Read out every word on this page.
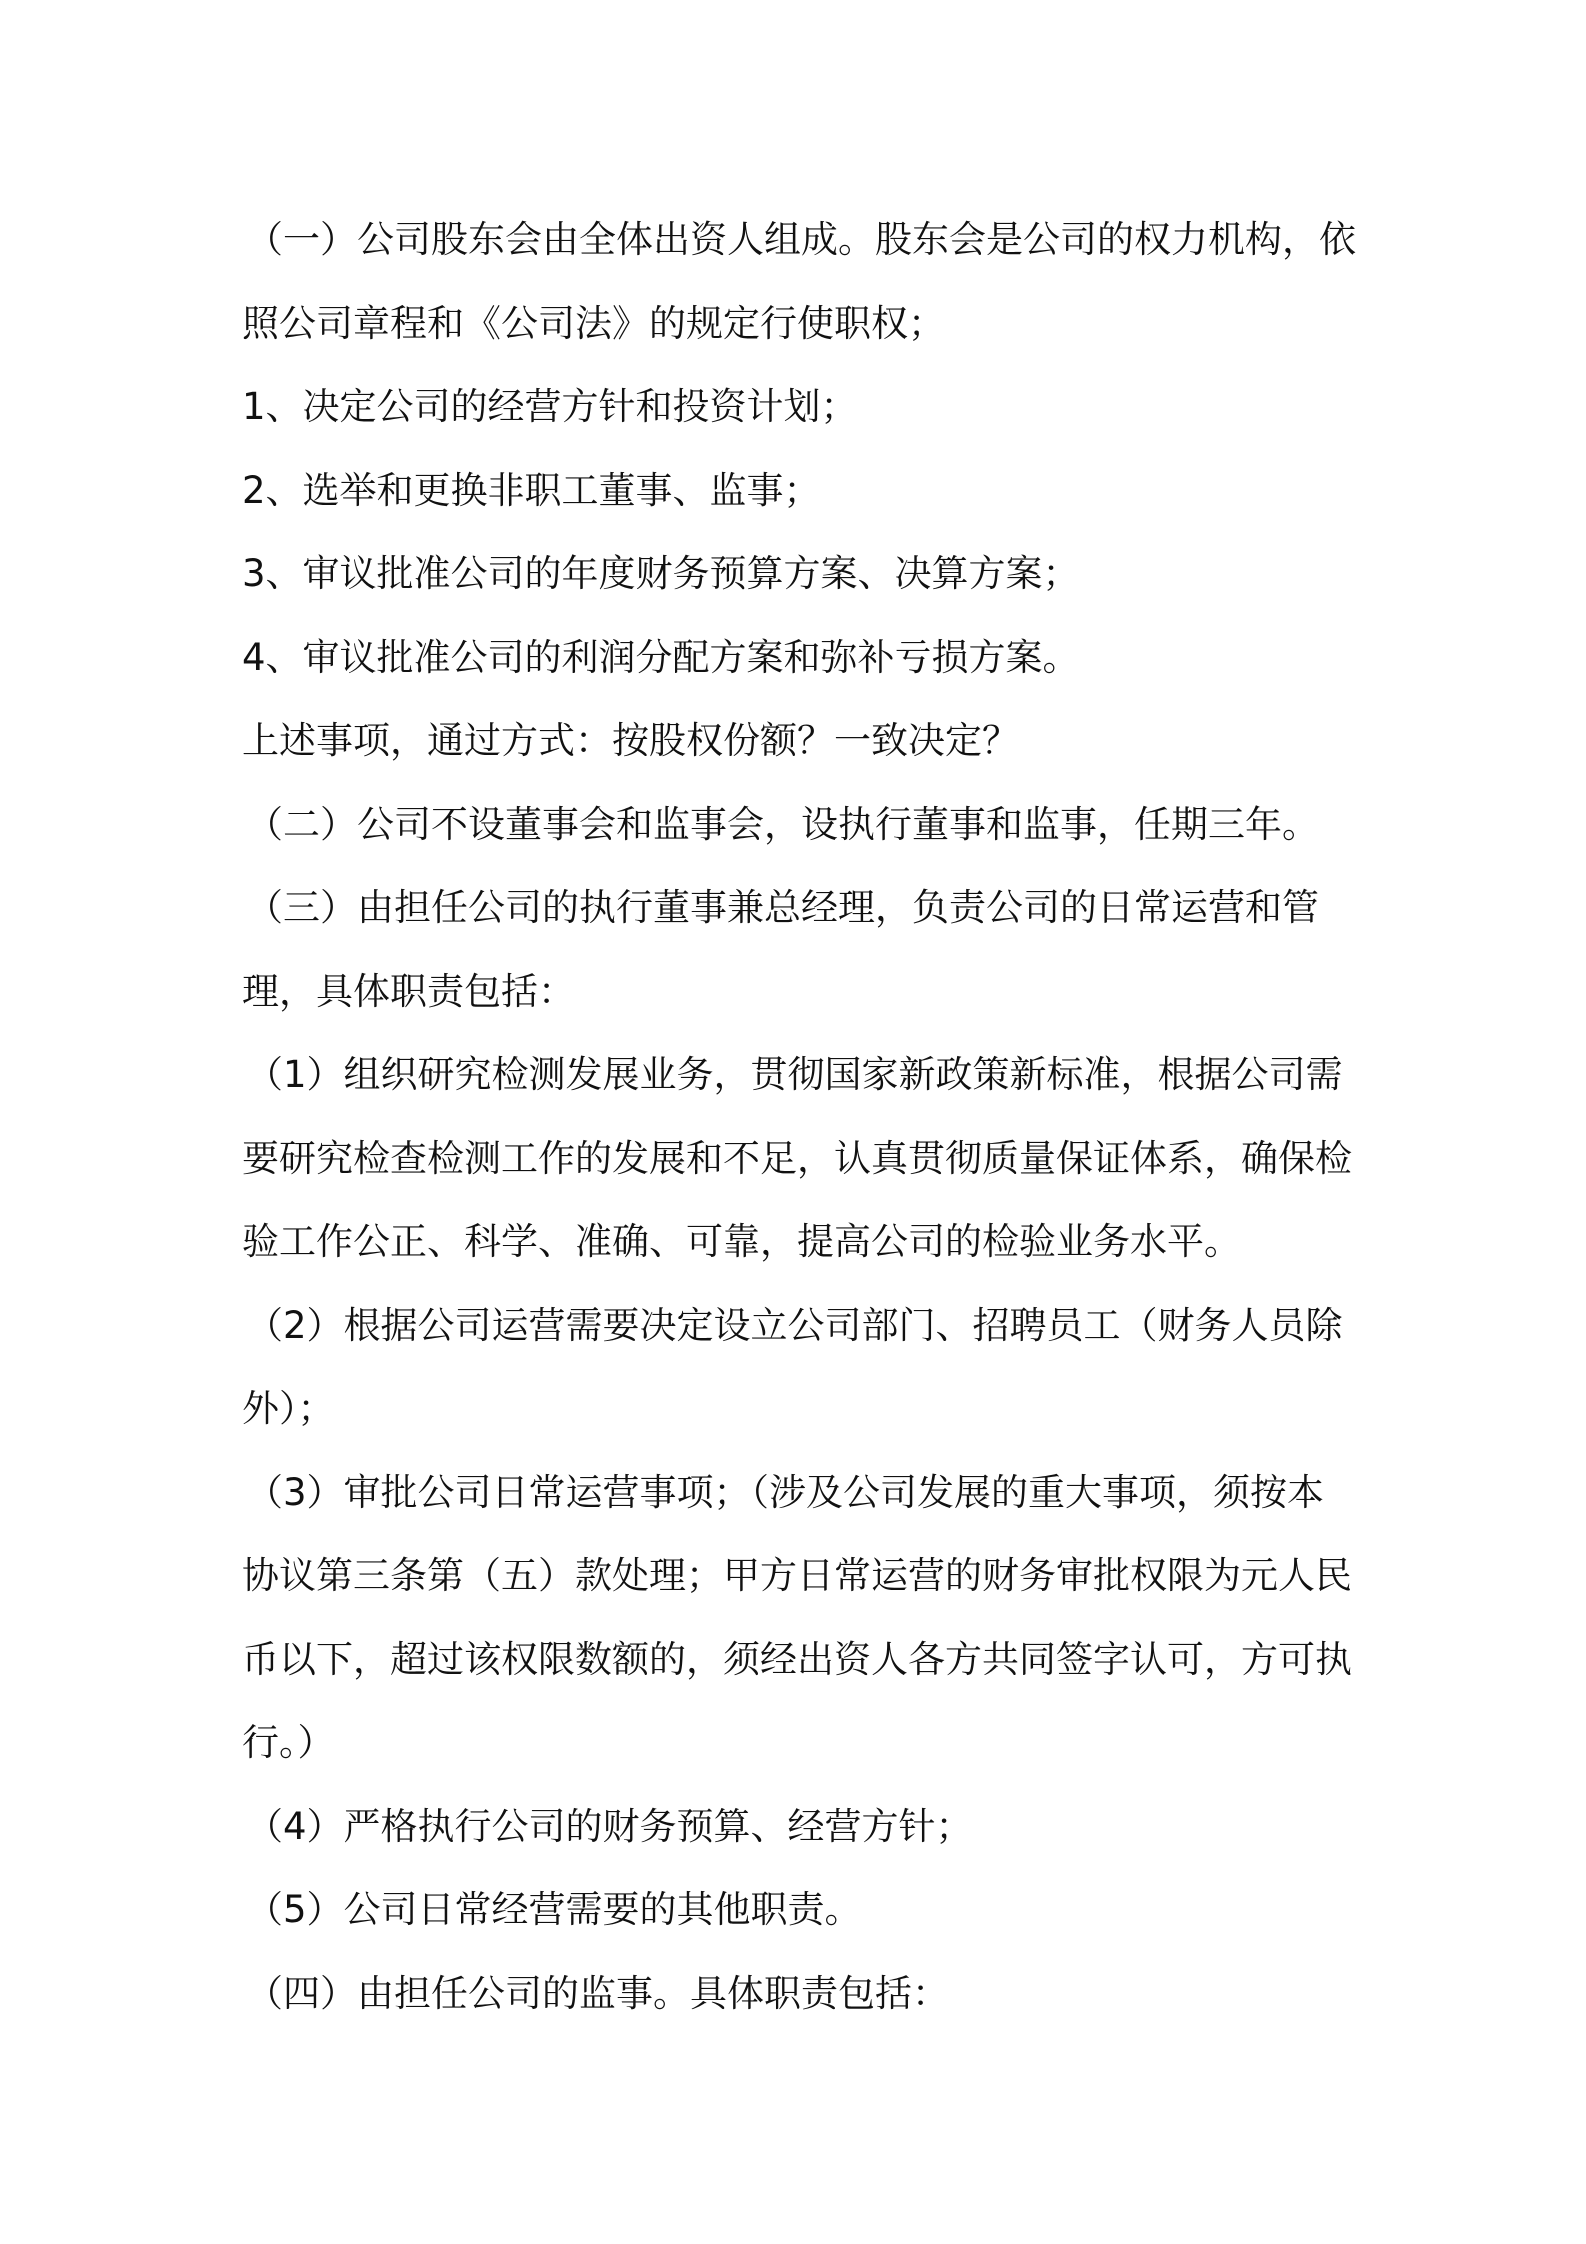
（一）公司股东会由全体出资人组成。股东会是公司的权力机构，依照公司章程和《公司法》的规定行使职权；

1、决定公司的经营方针和投资计划；

2、选举和更换非职工董事、监事；

3、审议批准公司的年度财务预算方案、决算方案；

4、审议批准公司的利润分配方案和弥补亏损方案。

上述事项，通过方式：按股权份额？一致决定？

（二）公司不设董事会和监事会，设执行董事和监事，任期三年。

（三）由担任公司的执行董事兼总经理，负责公司的日常运营和管理，具体职责包括：

（1）组织研究检测发展业务，贯彻国家新政策新标准，根据公司需要研究检查检测工作的发展和不足，认真贯彻质量保证体系，确保检验工作公正、科学、准确、可靠，提高公司的检验业务水平。

（2）根据公司运营需要决定设立公司部门、招聘员工（财务人员除外）；

（3）审批公司日常运营事项；（涉及公司发展的重大事项，须按本协议第三条第（五）款处理；甲方日常运营的财务审批权限为元人民币以下，超过该权限数额的，须经出资人各方共同签字认可，方可执行。）

（4）严格执行公司的财务预算、经营方针；

（5）公司日常经营需要的其他职责。

（四）由担任公司的监事。具体职责包括：
